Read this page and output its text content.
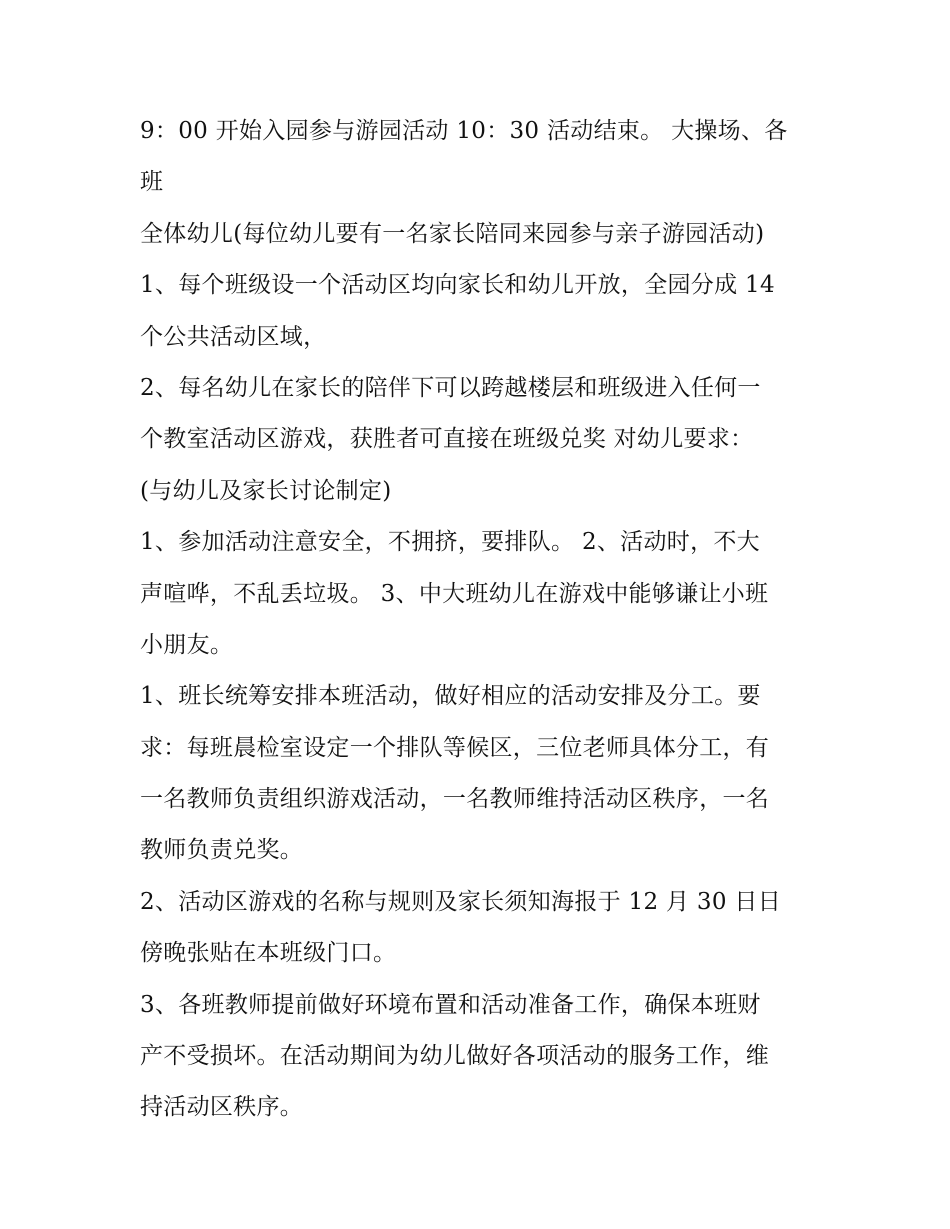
9：00 开始入园参与游园活动 10：30 活动结束。 大操场、各
班
全体幼儿(每位幼儿要有一名家长陪同来园参与亲子游园活动)
1、每个班级设一个活动区均向家长和幼儿开放，全园分成 14
个公共活动区域，
2、每名幼儿在家长的陪伴下可以跨越楼层和班级进入任何一
个教室活动区游戏，获胜者可直接在班级兑奖 对幼儿要求：
(与幼儿及家长讨论制定)
1、参加活动注意安全，不拥挤，要排队。 2、活动时，不大
声喧哗，不乱丢垃圾。 3、中大班幼儿在游戏中能够谦让小班
小朋友。
1、班长统筹安排本班活动，做好相应的活动安排及分工。要
求：每班晨检室设定一个排队等候区，三位老师具体分工，有
一名教师负责组织游戏活动，一名教师维持活动区秩序，一名
教师负责兑奖。
2、活动区游戏的名称与规则及家长须知海报于 12 月 30 日日
傍晚张贴在本班级门口。
3、各班教师提前做好环境布置和活动准备工作，确保本班财
产不受损坏。在活动期间为幼儿做好各项活动的服务工作，维
持活动区秩序。
